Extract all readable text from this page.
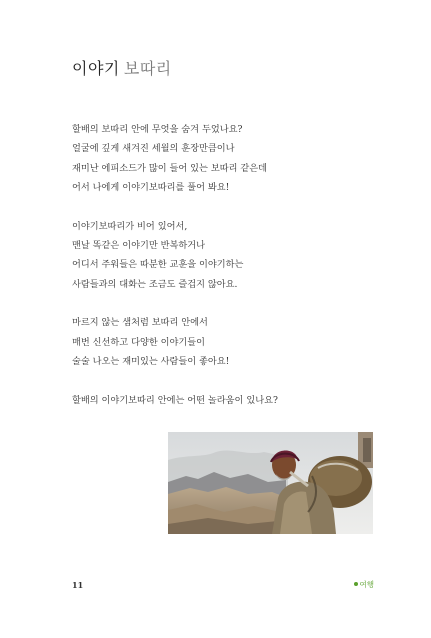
이야기 보따리

할배의 보따리 안에 무엇을 숨겨 두었나요?
얼굴에 깊게 새겨진 세월의 훈장만큼이나
재미난 에피소드가 많이 들어 있는 보따리 같은데
어서 나에게 이야기보따리를 풀어 봐요!

이야기보따리가 비어 있어서,
맨날 똑같은 이야기만 반복하거나
어디서 주워들은 따분한 교훈을 이야기하는
사람들과의 대화는 조금도 즐겁지 않아요.

마르지 않는 샘처럼 보따리 안에서
매번 신선하고 다양한 이야기들이
술술 나오는 재미있는 사람들이 좋아요!

할배의 이야기보따리 안에는 어떤 놀라움이 있나요?

11	여행
